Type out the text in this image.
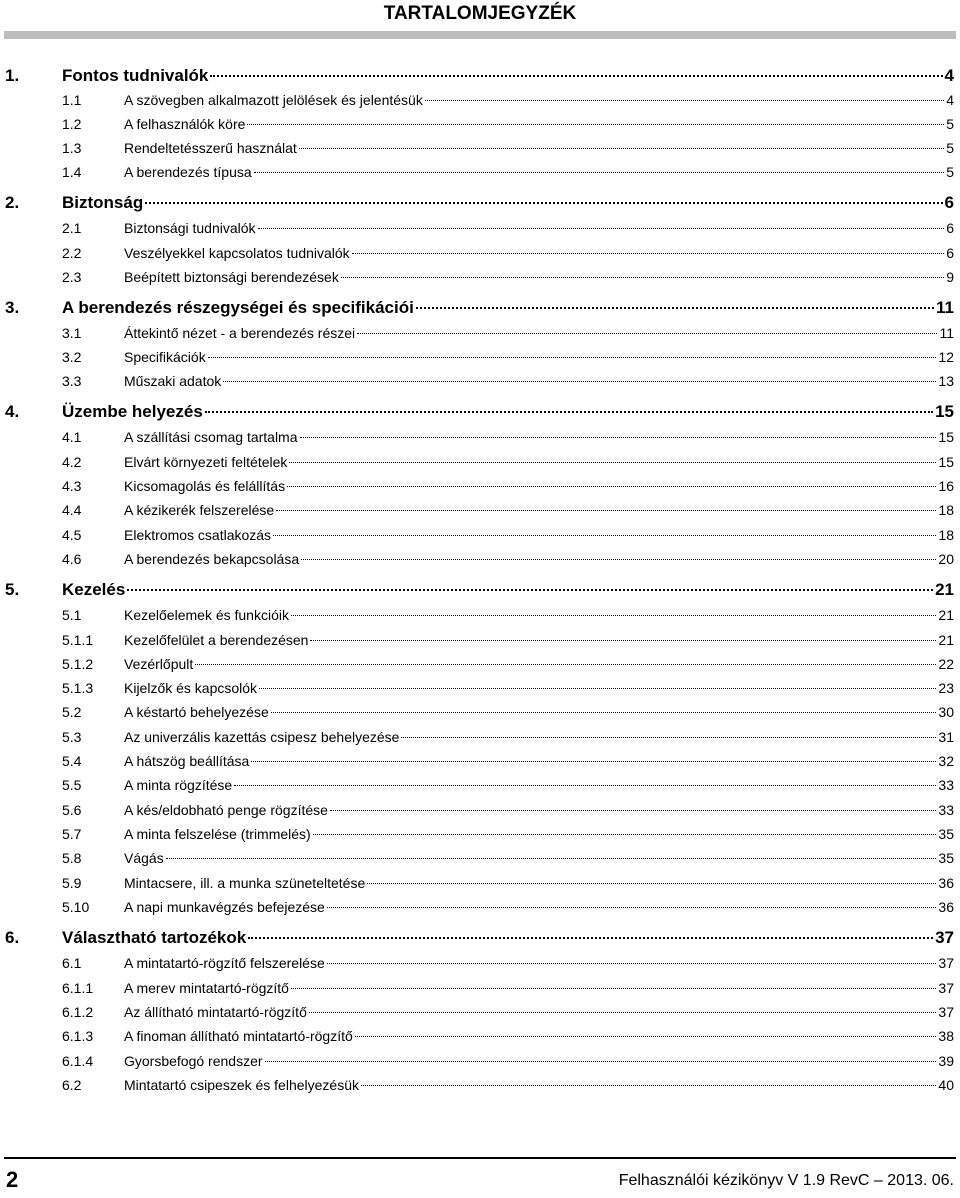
TARTALOMJEGYZÉK
1.	Fontos tudnivalók	4
1.1	A szövegben alkalmazott jelölések és jelentésük	4
1.2	A felhasználók köre	5
1.3	Rendeltetésszerű használat	5
1.4	A berendezés típusa	5
2.	Biztonság	6
2.1	Biztonsági tudnivalók	6
2.2	Veszélyekkel kapcsolatos tudnivalók	6
2.3	Beépített biztonsági berendezések	9
3.	A berendezés részegységei és specifikációi	11
3.1	Áttekintő nézet - a berendezés részei	11
3.2	Specifikációk	12
3.3	Műszaki adatok	13
4.	Üzembe helyezés	15
4.1	A szállítási csomag tartalma	15
4.2	Elvárt környezeti feltételek	15
4.3	Kicsomagolás és felállítás	16
4.4	A kézikerék felszerelése	18
4.5	Elektromos csatlakozás	18
4.6	A berendezés bekapcsolása	20
5.	Kezelés	21
5.1	Kezelőelemek és funkcióik	21
5.1.1	Kezelőfelület a berendezésen	21
5.1.2	Vezérlőpult	22
5.1.3	Kijelzők és kapcsolók	23
5.2	A késtartó behelyezése	30
5.3	Az univerzális kazettás csipesz behelyezése	31
5.4	A hátszög beállítása	32
5.5	A minta rögzítése	33
5.6	A kés/eldobható penge rögzítése	33
5.7	A minta felszelése (trimmelés)	35
5.8	Vágás	35
5.9	Mintacsere, ill. a munka szüneteltetése	36
5.10	A napi munkavégzés befejezése	36
6.	Választható tartozékok	37
6.1	A mintatartó-rögzítő felszerelése	37
6.1.1	A merev mintatartó-rögzítő	37
6.1.2	Az állítható mintatartó-rögzítő	37
6.1.3	A finoman állítható mintatartó-rögzítő	38
6.1.4	Gyorsbefogó rendszer	39
6.2	Mintatartó csipeszek és felhelyezésük	40
2	Felhasználói kézikönyv V 1.9 RevC – 2013. 06.
